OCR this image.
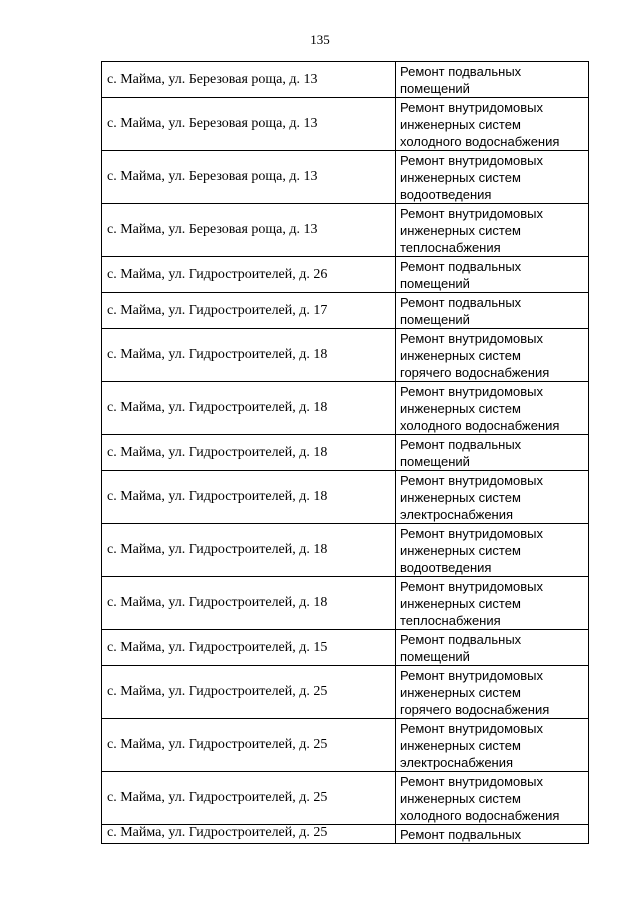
135
с. Майма, ул. Березовая роща, д. 13	Ремонт подвальных
помещений

с. Майма, ул. Березовая роща, д. 13	Ремонт внутридомовых
инженерных систем
холодного водоснабжения

с. Майма, ул. Березовая роща, д. 13	Ремонт внутридомовых
инженерных систем
водоотведения

с. Майма, ул. Березовая роща, д. 13	Ремонт внутридомовых
инженерных систем
теплоснабжения

с. Майма, ул. Гидростроителей, д. 26	Ремонт подвальных
помещений

с. Майма, ул. Гидростроителей, д. 17	Ремонт подвальных
помещений

с. Майма, ул. Гидростроителей, д. 18	Ремонт внутридомовых
инженерных систем
горячего водоснабжения

с. Майма, ул. Гидростроителей, д. 18	Ремонт внутридомовых
инженерных систем
холодного водоснабжения

с. Майма, ул. Гидростроителей, д. 18	Ремонт подвальных
помещений

с. Майма, ул. Гидростроителей, д. 18	Ремонт внутридомовых
инженерных систем
электроснабжения

с. Майма, ул. Гидростроителей, д. 18	Ремонт внутридомовых
инженерных систем
водоотведения

с. Майма, ул. Гидростроителей, д. 18	Ремонт внутридомовых
инженерных систем
теплоснабжения

с. Майма, ул. Гидростроителей, д. 15	Ремонт подвальных
помещений

с. Майма, ул. Гидростроителей, д. 25	Ремонт внутридомовых
инженерных систем
горячего водоснабжения

с. Майма, ул. Гидростроителей, д. 25	Ремонт внутридомовых
инженерных систем
электроснабжения

с. Майма, ул. Гидростроителей, д. 25	Ремонт внутридомовых
инженерных систем
холодного водоснабжения

с. Майма, ул. Гидростроителей, д. 25	Ремонт подвальных
